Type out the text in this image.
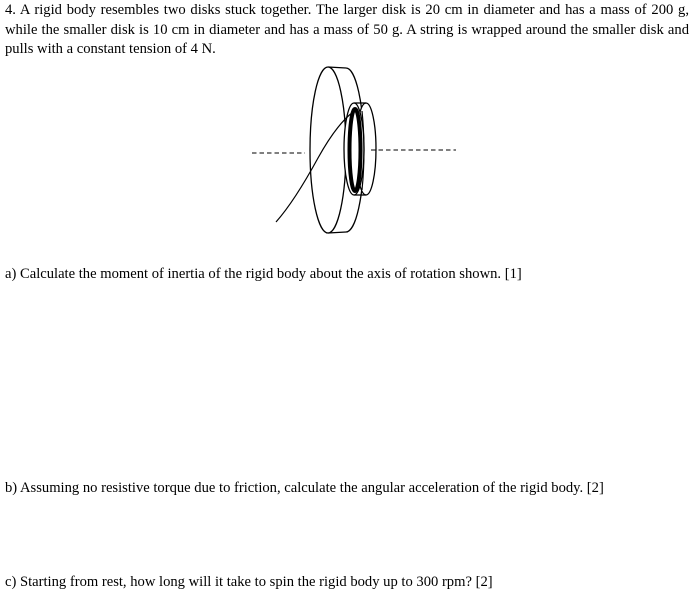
4. A rigid body resembles two disks stuck together. The larger disk is 20 cm in diameter and has a mass of 200 g, while the smaller disk is 10 cm in diameter and has a mass of 50 g. A string is wrapped around the smaller disk and pulls with a constant tension of 4 N.

a) Calculate the moment of inertia of the rigid body about the axis of rotation shown. [1]

b) Assuming no resistive torque due to friction, calculate the angular acceleration of the rigid body. [2]

c) Starting from rest, how long will it take to spin the rigid body up to 300 rpm? [2]
